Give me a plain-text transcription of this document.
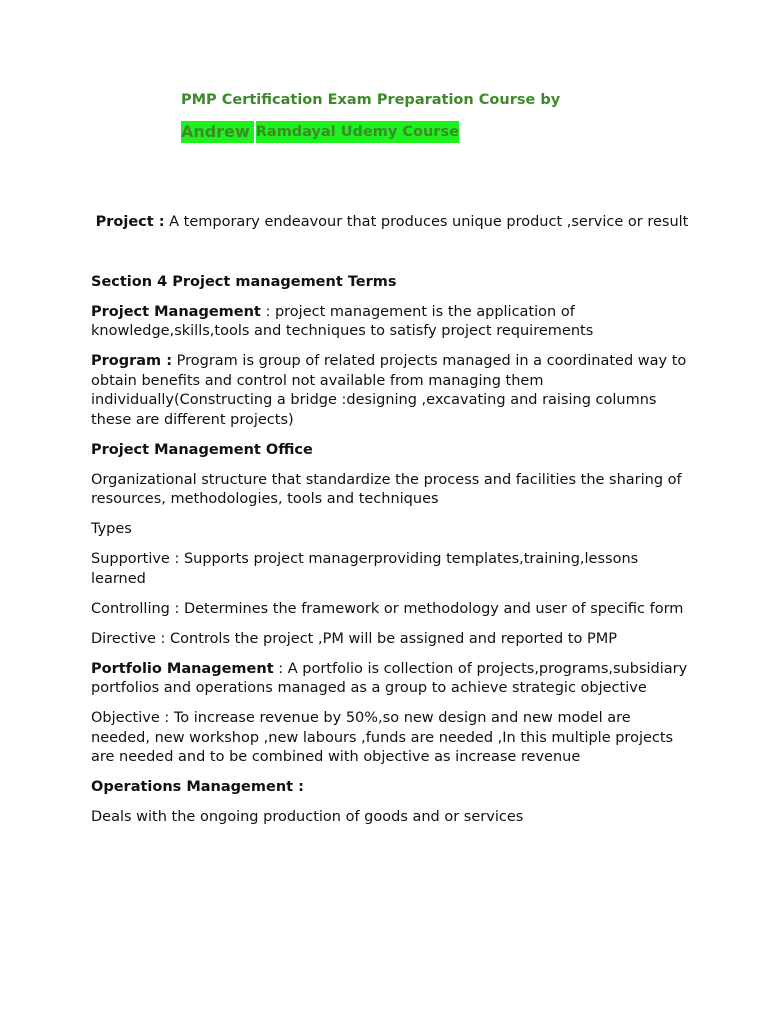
PMP Certification Exam Preparation Course by
AndrewRamdayal Udemy Course

Project : A temporary endeavour that produces unique product ,service or result

Section 4 Project management Terms

Project Management : project management is the application of knowledge,skills,tools and techniques to satisfy project requirements

Program : Program is group of related projects managed in a coordinated way to obtain benefits and control not available from managing them individually(Constructing a bridge :designing ,excavating and raising columns these are different projects)

Project Management Office

Organizational structure that standardize the process and facilities the sharing of resources, methodologies, tools and techniques

Types

Supportive : Supports project managerproviding templates,training,lessons learned

Controlling : Determines the framework or methodology and user of specific form

Directive : Controls the project ,PM will be assigned and reported to PMP

Portfolio Management : A portfolio is collection of projects,programs,subsidiary portfolios and operations managed as a group to achieve strategic objective

Objective : To increase revenue by 50%,so new design and new model are needed, new workshop ,new labours ,funds are needed ,In this multiple projects are needed and to be combined with objective as increase revenue

Operations Management :

Deals with the ongoing production of goods and or services
